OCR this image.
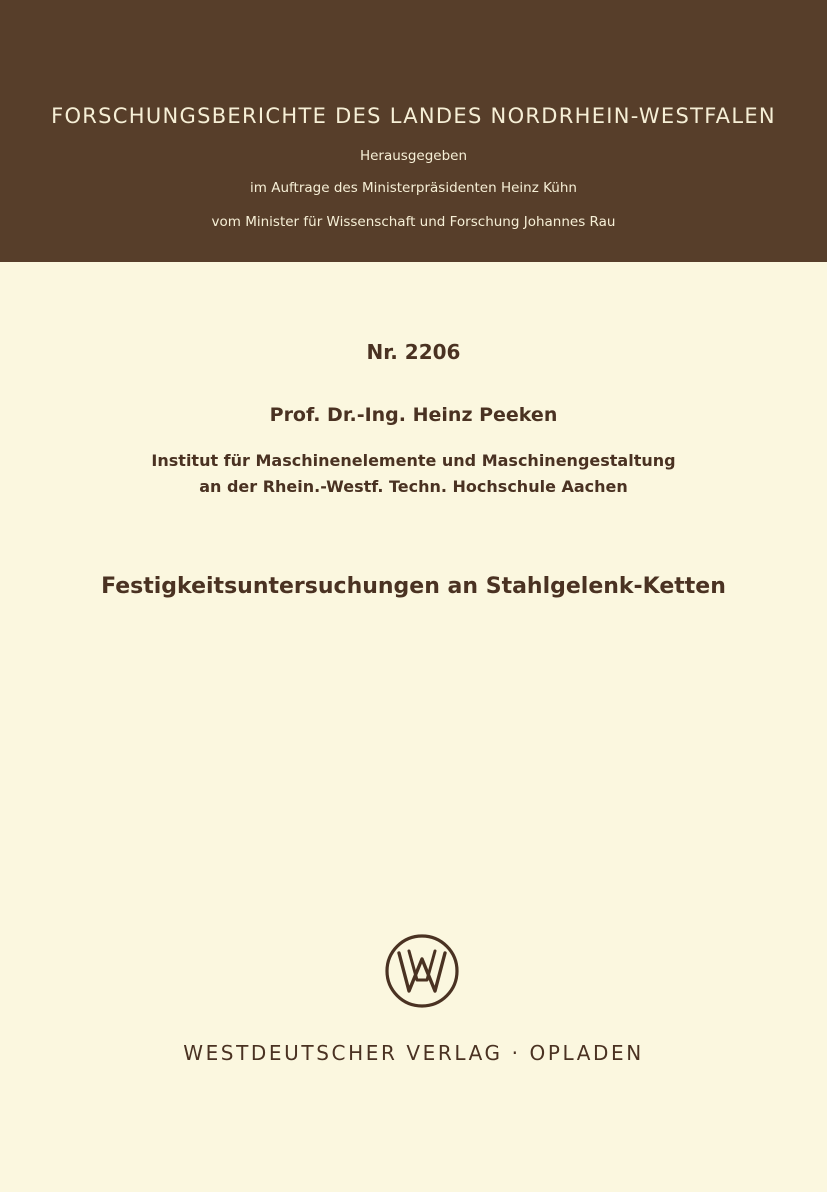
FORSCHUNGSBERICHTE DES LANDES NORDRHEIN-WESTFALEN
Herausgegeben
im Auftrage des Ministerpräsidenten Heinz Kühn
vom Minister für Wissenschaft und Forschung Johannes Rau
Nr. 2206
Prof. Dr.-Ing. Heinz Peeken
Institut für Maschinenelemente und Maschinengestaltung
an der Rhein.-Westf. Techn. Hochschule Aachen
Festigkeitsuntersuchungen an Stahlgelenk-Ketten
WESTDEUTSCHER VERLAG · OPLADEN
